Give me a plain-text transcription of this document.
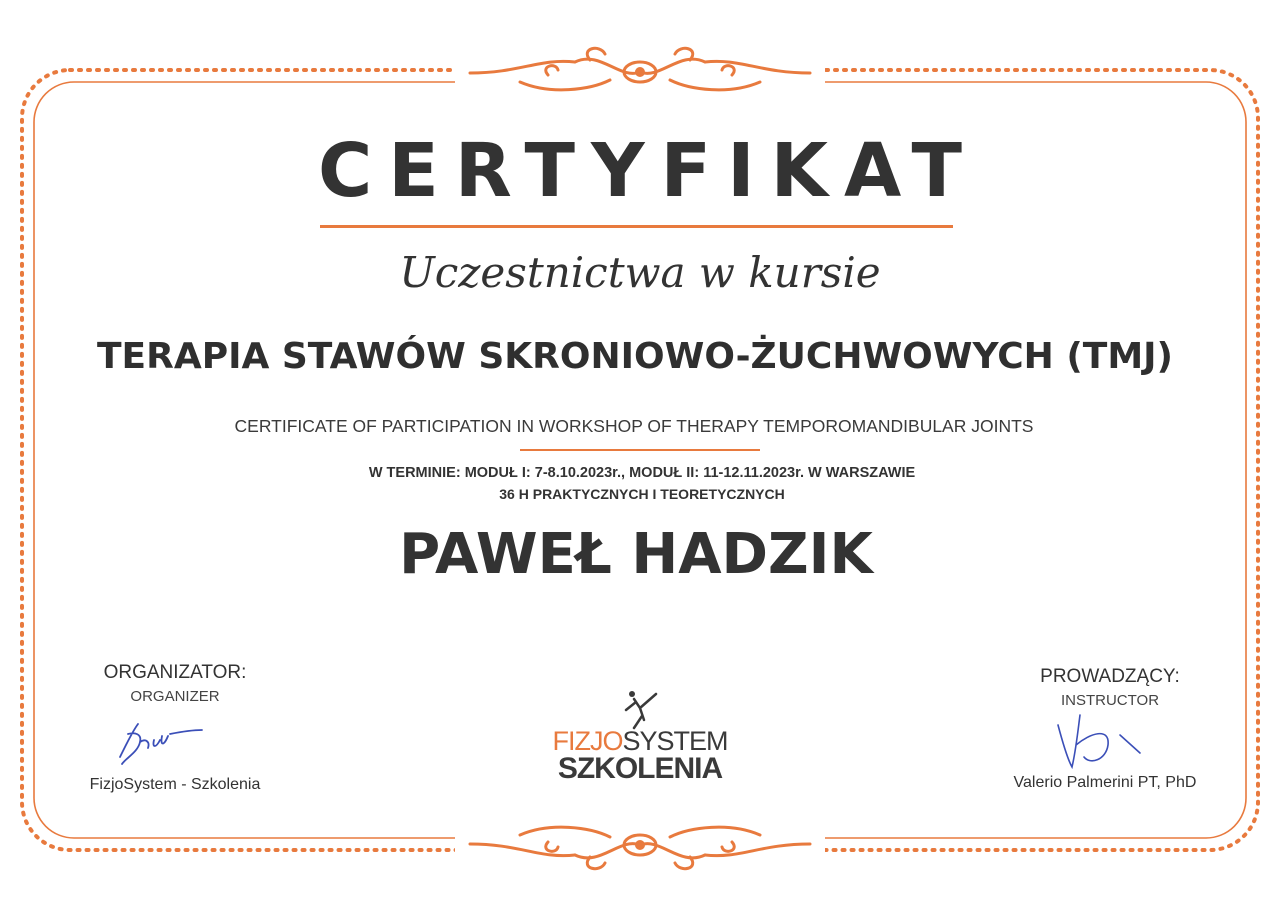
CERTYFIKAT
Uczestnictwa w kursie
TERAPIA STAWÓW SKRONIOWO-ŻUCHWOWYCH (TMJ)
CERTIFICATE OF PARTICIPATION IN WORKSHOP OF THERAPY TEMPOROMANDIBULAR JOINTS
W TERMINIE: MODUŁ I: 7-8.10.2023r., MODUŁ II: 11-12.11.2023r. W WARSZAWIE
36 H PRAKTYCZNYCH I TEORETYCZNYCH
PAWEŁ HADZIK
ORGANIZATOR:
ORGANIZER
FizjoSystem - Szkolenia
FIZJOSYSTEM
SZKOLENIA
PROWADZĄCY:
INSTRUCTOR
Valerio Palmerini PT, PhD
